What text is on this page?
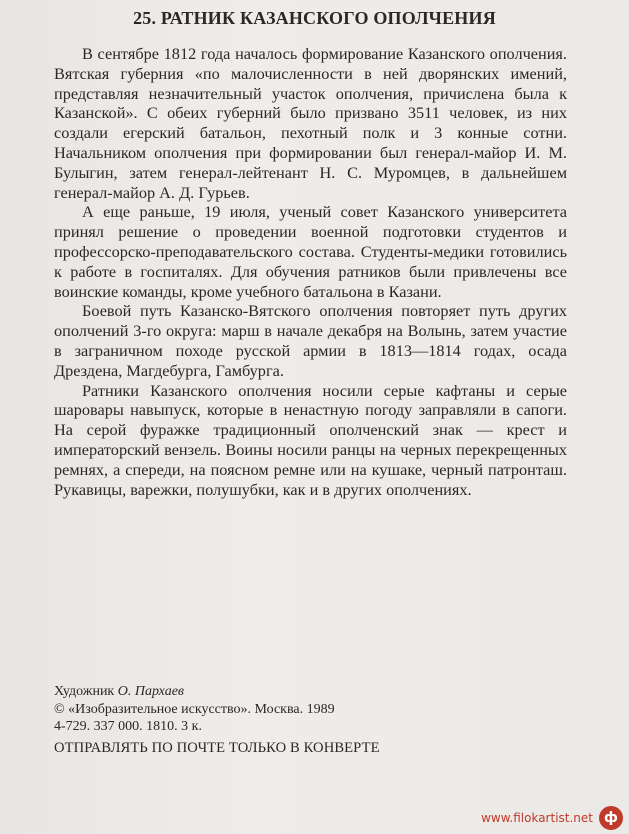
25. РАТНИК КАЗАНСКОГО ОПОЛЧЕНИЯ

В сентябре 1812 года началось формирование Казанского ополчения. Вятская губерния «по малочисленности в ней дворянских имений, представляя незначительный участок ополчения, причислена была к Казанской». С обеих губерний было призвано 3511 человек, из них создали егерский батальон, пехотный полк и 3 конные сотни. Начальником ополчения при формировании был генерал-майор И. М. Булыгин, затем генерал-лейтенант Н. С. Муромцев, в дальнейшем генерал-майор А. Д. Гурьев.

А еще раньше, 19 июля, ученый совет Казанского университета принял решение о проведении военной подготовки студентов и профессорско-преподавательского состава. Студенты-медики готовились к работе в госпиталях. Для обучения ратников были привлечены все воинские команды, кроме учебного батальона в Казани.

Боевой путь Казанско-Вятского ополчения повторяет путь других ополчений 3-го округа: марш в начале декабря на Волынь, затем участие в заграничном походе русской армии в 1813—1814 годах, осада Дрездена, Магдебурга, Гамбурга.

Ратники Казанского ополчения носили серые кафтаны и серые шаровары навыпуск, которые в ненастную погоду заправляли в сапоги. На серой фуражке традиционный ополченский знак — крест и императорский вензель. Воины носили ранцы на черных перекрещенных ремнях, а спереди, на поясном ремне или на кушаке, черный патронташ. Рукавицы, варежки, полушубки, как и в других ополчениях.

Художник О. Пархаев
© «Изобразительное искусство». Москва. 1989
4-729. 337 000. 1810. 3 к.
ОТПРАВЛЯТЬ ПО ПОЧТЕ ТОЛЬКО В КОНВЕРТЕ
www.filokartist.net ф
